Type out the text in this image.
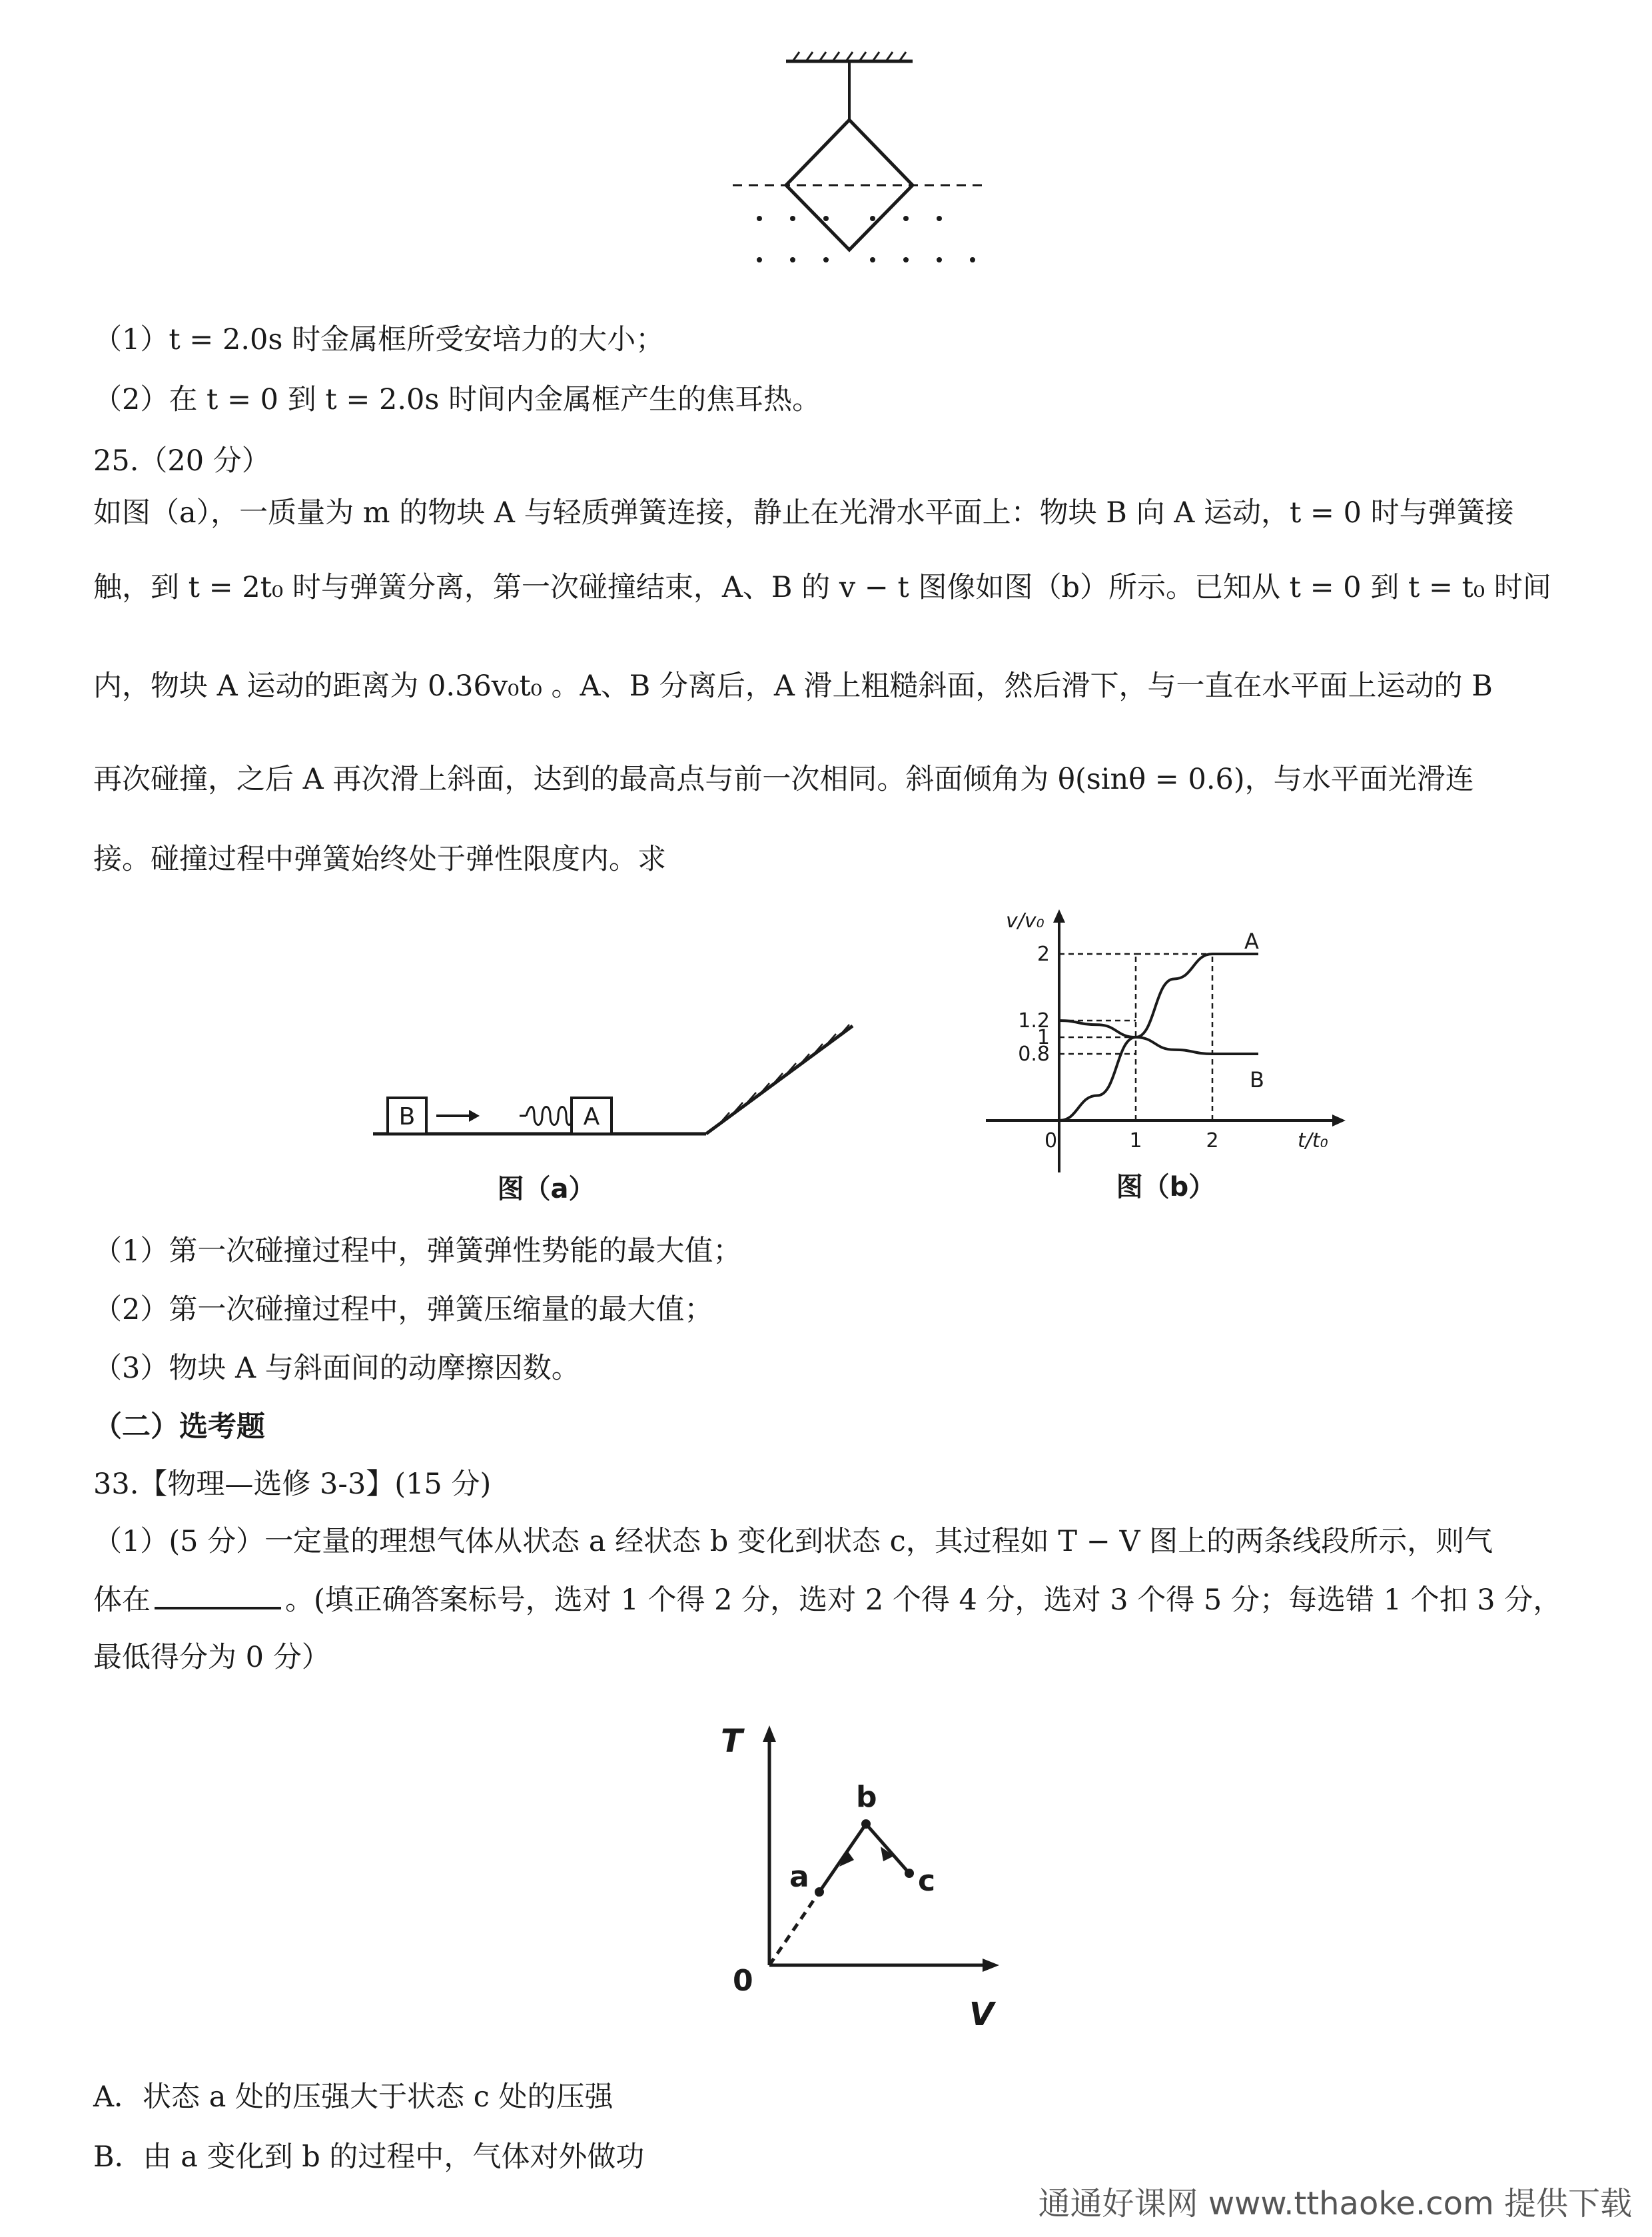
（1）t = 2.0s 时金属框所受安培力的大小；
（2）在 t = 0 到 t = 2.0s 时间内金属框产生的焦耳热。
25.（20 分）
如图（a），一质量为 m 的物块 A 与轻质弹簧连接，静止在光滑水平面上：物块 B 向 A 运动，t = 0 时与弹簧接
触，到 t = 2t₀ 时与弹簧分离，第一次碰撞结束，A、B 的 v − t 图像如图（b）所示。已知从 t = 0 到 t = t₀ 时间
内，物块 A 运动的距离为 0.36v₀t₀ 。A、B 分离后，A 滑上粗糙斜面，然后滑下，与一直在水平面上运动的 B
再次碰撞，之后 A 再次滑上斜面，达到的最高点与前一次相同。斜面倾角为 θ(sinθ = 0.6)，与水平面光滑连
接。碰撞过程中弹簧始终处于弹性限度内。求
B	A
图（a）
v/v₀
t/t₀
0	1	2
0.8
1
1.2
2
A
B
图（b）
（1）第一次碰撞过程中，弹簧弹性势能的最大值；
（2）第一次碰撞过程中，弹簧压缩量的最大值；
（3）物块 A 与斜面间的动摩擦因数。
（二）选考题
33.【物理—选修 3-3】(15 分)
（1）(5 分）一定量的理想气体从状态 a 经状态 b 变化到状态 c，其过程如 T − V 图上的两条线段所示，则气
体在	。(填正确答案标号，选对 1 个得 2 分，选对 2 个得 4 分，选对 3 个得 5 分；每选错 1 个扣 3 分，
最低得分为 0 分）
T
V
0
a
b
c
A．状态 a 处的压强大于状态 c 处的压强
B．由 a 变化到 b 的过程中，气体对外做功
通通好课网 www.tthaoke.com 提供下载
